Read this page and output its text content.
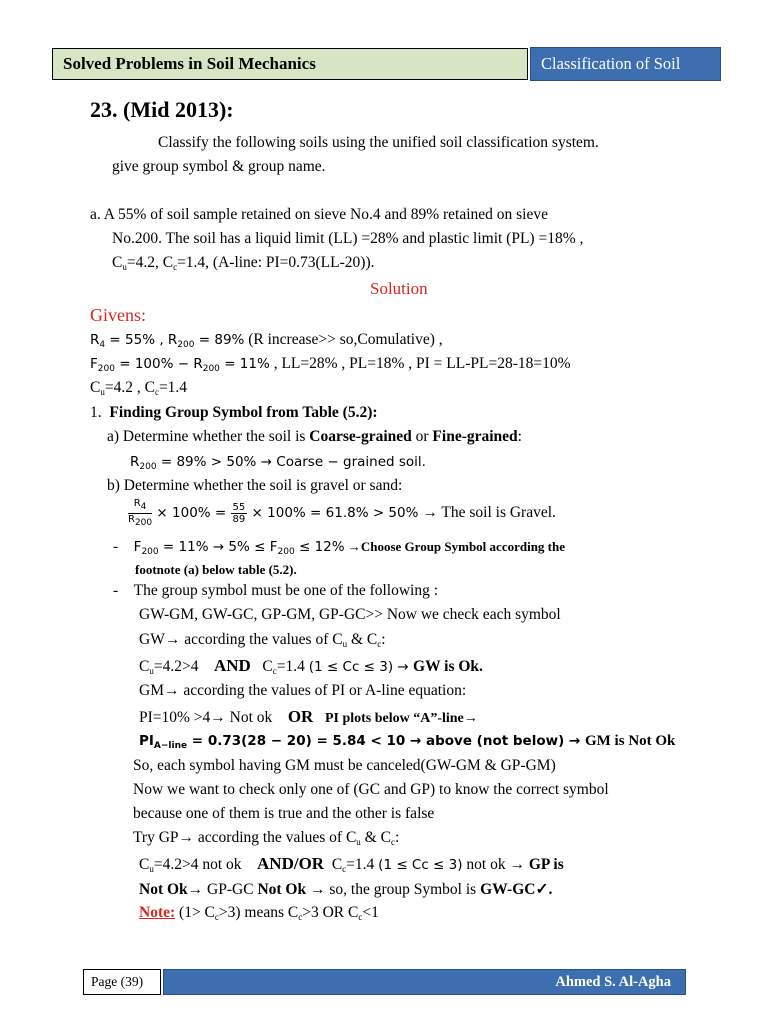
Solved Problems in Soil Mechanics	Classification of Soil
23. (Mid 2013):
Classify the following soils using the unified soil classification system.
give group symbol & group name.
a. A 55% of soil sample retained on sieve No.4 and 89% retained on sieve
No.200. The soil has a liquid limit (LL) =28% and plastic limit (PL) =18% ,
$C_u=4.2$, $C_c=1.4$, (A-line: PI=0.73(LL-20)).
Solution
Givens:
$R_4 = 55\%$ , $R_{200} = 89\%$ (R increase>> so,Comulative) ,
$F_{200} = 100\% - R_{200} = 11\%$ , LL=28% , PL=18% , PI = LL-PL=28-18=10%
$C_u=4.2$ , $C_c=1.4$
1. Finding Group Symbol from Table (5.2):
a) Determine whether the soil is Coarse-grained or Fine-grained:
$R_{200} = 89\% > 50\%$ → Coarse − grained soil.
b) Determine whether the soil is gravel or sand:
$\frac{R_4}{R_{200}} \times 100\% = \frac{55}{89} \times 100\% = 61.8\% > 50\%$ → The soil is Gravel.
-    $F_{200} = 11\% \to 5\% \le F_{200} \le 12\%$ →Choose Group Symbol according the
footnote (a) below table (5.2).
-    The group symbol must be one of the following :
GW-GM, GW-GC, GP-GM, GP-GC>> Now we check each symbol
GW→ according the values of $C_u$ & $C_c$:
$C_u=4.2>4$ AND   $C_c=1.4$ (1 ≤ Cc ≤ 3) → GW is Ok.
GM→ according the values of PI or A-line equation:
PI=10% >4→ Not ok OR PI plots below “A”-line→
$PI_{A-line} = 0.73(28 - 20) = 5.84 < 10$ → above (not below) → GM is Not Ok
So, each symbol having GM must be canceled(GW-GM & GP-GM)
Now we want to check only one of (GC and GP) to know the correct symbol
because one of them is true and the other is false
Try GP→ according the values of $C_u$ & $C_c$:
$C_u=4.2>4$ not ok AND/OR  $C_c=1.4$ (1 ≤ Cc ≤ 3) not ok → GP is
Not Ok→ GP-GC Not Ok → so, the group Symbol is GW-GC✓.
Note: $(1> C_c>3)$ means $C_c>3$ OR $C_c<1$
Page (39)	Ahmed S. Al-Agha
